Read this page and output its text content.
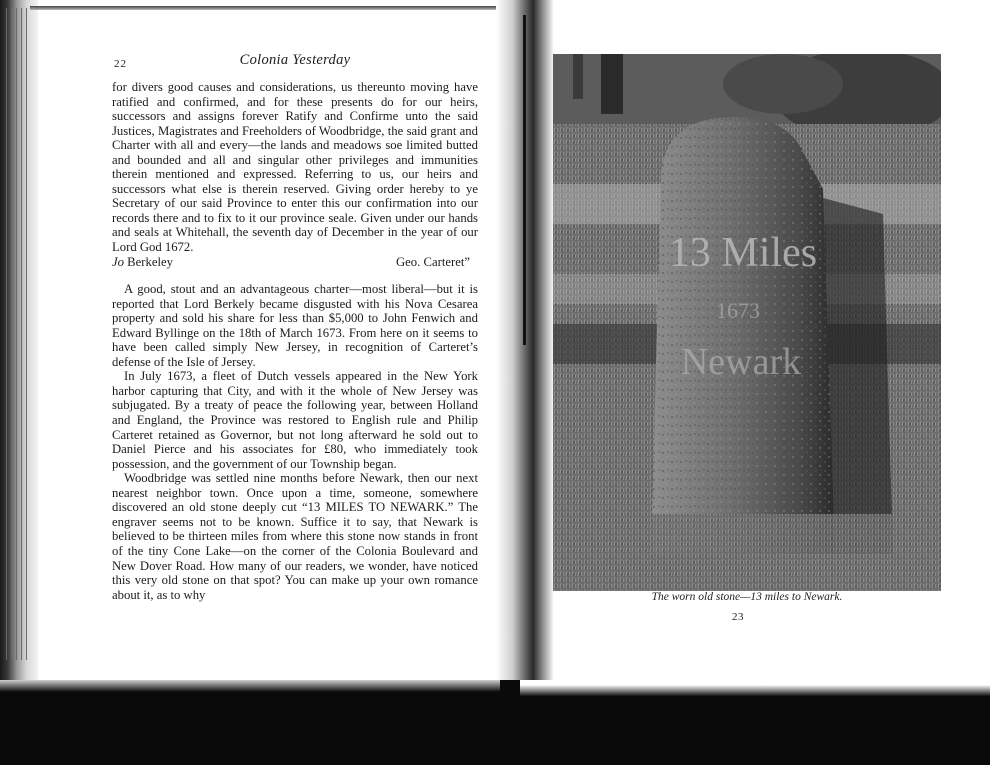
22	Colonia Yesterday

for divers good causes and considerations, us thereunto moving have ratified and confirmed, and for these presents do for our heirs, successors and assigns forever Ratify and Confirme unto the said Justices, Magistrates and Freeholders of Woodbridge, the said grant and Charter with all and every—the lands and meadows soe limited butted and bounded and all and singular other privileges and immunities therein mentioned and expressed. Referring to us, our heirs and successors what else is therein reserved. Giving order hereby to ye Secretary of our said Province to enter this our confirmation into our records there and to fix to it our province seale. Given under our hands and seals at Whitehall, the seventh day of December in the year of our Lord God 1672.

Jo Berkeley	Geo. Carteret”

A good, stout and an advantageous charter—most liberal—but it is reported that Lord Berkely became disgusted with his Nova Cesarea property and sold his share for less than $5,000 to John Fenwich and Edward Byllinge on the 18th of March 1673. From here on it seems to have been called simply New Jersey, in recognition of Carteret’s defense of the Isle of Jersey.

In July 1673, a fleet of Dutch vessels appeared in the New York harbor capturing that City, and with it the whole of New Jersey was subjugated. By a treaty of peace the following year, between Holland and England, the Province was restored to English rule and Philip Carteret retained as Governor, but not long afterward he sold out to Daniel Pierce and his associates for £80, who immediately took possession, and the government of our Township began.

Woodbridge was settled nine months before Newark, then our next nearest neighbor town. Once upon a time, someone, somewhere discovered an old stone deeply cut “13 MILES TO NEWARK.” The engraver seems not to be known. Suffice it to say, that Newark is believed to be thirteen miles from where this stone now stands in front of the tiny Cone Lake—on the corner of the Colonia Boulevard and New Dover Road. How many of our readers, we wonder, have noticed this very old stone on that spot? You can make up your own romance about it, as to why

13 Miles
1673
Newark
The worn old stone—13 miles to Newark.
23
